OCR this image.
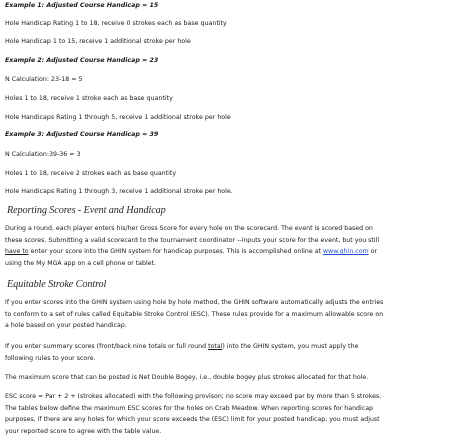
Example 1: Adjusted Course Handicap = 15
Hole Handicap Rating 1 to 18, receive 0 strokes each as base quantity
Hole Handicap 1 to 15, receive 1 additional stroke per hole
Example 2: Adjusted Course Handicap = 23
N Calculation: 23-18 = 5
Holes 1 to 18, receive 1 stroke each as base quantity
Hole Handicaps Rating 1 through 5, receive 1 additional stroke per hole
Example 3: Adjusted Course Handicap = 39
N Calculation:39-36 = 3
Holes 1 to 18, receive 2 strokes each as base quantity
Hole Handicaps Rating 1 through 3, receive 1 additional stroke per hole.
Reporting Scores - Event and Handicap
During a round, each player enters his/her Gross Score for every hole on the scorecard. The event is scored based on
these scores. Submitting a valid scorecard to the tournament coordinator --inputs your score for the event, but you still
have to enter your score into the GHIN system for handicap purposes. This is accomplished online at www.ghin.com or
using the My MGA app on a cell phone or tablet.
Equitable Stroke Control
If you enter scores into the GHIN system using hole by hole method, the GHIN software automatically adjusts the entries
to conform to a set of rules called Equitable Stroke Control (ESC). These rules provide for a maximum allowable score on
a hole based on your posted handicap.
If you enter summary scores (front/back nine totals or full round total) into the GHIN system, you must apply the
following rules to your score.
The maximum score that can be posted is Net Double Bogey, i.e., double bogey plus strokes allocated for that hole.
ESC score = Par + 2 + (strokes allocated) with the following provison; no score may exceed par by more than 5 strokes.
The tables below define the maximum ESC scores for the holes on Crab Meadow. When reporting scores for handicap
purposes, if there are any holes for which your score exceeds the (ESC) limit for your posted handicap, you must adjust
your reported score to agree with the table value.
